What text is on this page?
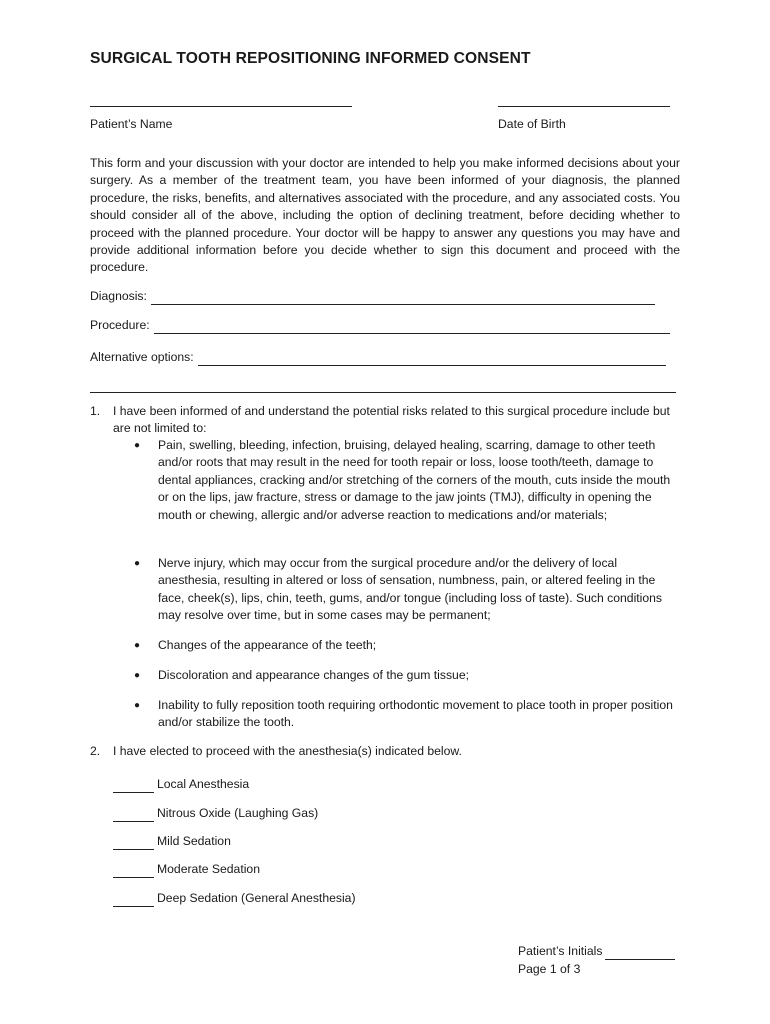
SURGICAL TOOTH REPOSITIONING INFORMED CONSENT
Patient’s Name	Date of Birth
This form and your discussion with your doctor are intended to help you make informed decisions about your surgery. As a member of the treatment team, you have been informed of your diagnosis, the planned procedure, the risks, benefits, and alternatives associated with the procedure, and any associated costs. You should consider all of the above, including the option of declining treatment, before deciding whether to proceed with the planned procedure. Your doctor will be happy to answer any questions you may have and provide additional information before you decide whether to sign this document and proceed with the procedure.
Diagnosis:
Procedure:
Alternative options:
1. I have been informed of and understand the potential risks related to this surgical procedure include but are not limited to:
● Pain, swelling, bleeding, infection, bruising, delayed healing, scarring, damage to other teeth and/or roots that may result in the need for tooth repair or loss, loose tooth/teeth, damage to dental appliances, cracking and/or stretching of the corners of the mouth, cuts inside the mouth or on the lips, jaw fracture, stress or damage to the jaw joints (TMJ), difficulty in opening the mouth or chewing, allergic and/or adverse reaction to medications and/or materials;
● Nerve injury, which may occur from the surgical procedure and/or the delivery of local anesthesia, resulting in altered or loss of sensation, numbness, pain, or altered feeling in the face, cheek(s), lips, chin, teeth, gums, and/or tongue (including loss of taste). Such conditions may resolve over time, but in some cases may be permanent;
● Changes of the appearance of the teeth;
● Discoloration and appearance changes of the gum tissue;
● Inability to fully reposition tooth requiring orthodontic movement to place tooth in proper position and/or stabilize the tooth.
2. I have elected to proceed with the anesthesia(s) indicated below.
Local Anesthesia
Nitrous Oxide (Laughing Gas)
Mild Sedation
Moderate Sedation
Deep Sedation (General Anesthesia)
Patient’s Initials
Page 1 of 3
